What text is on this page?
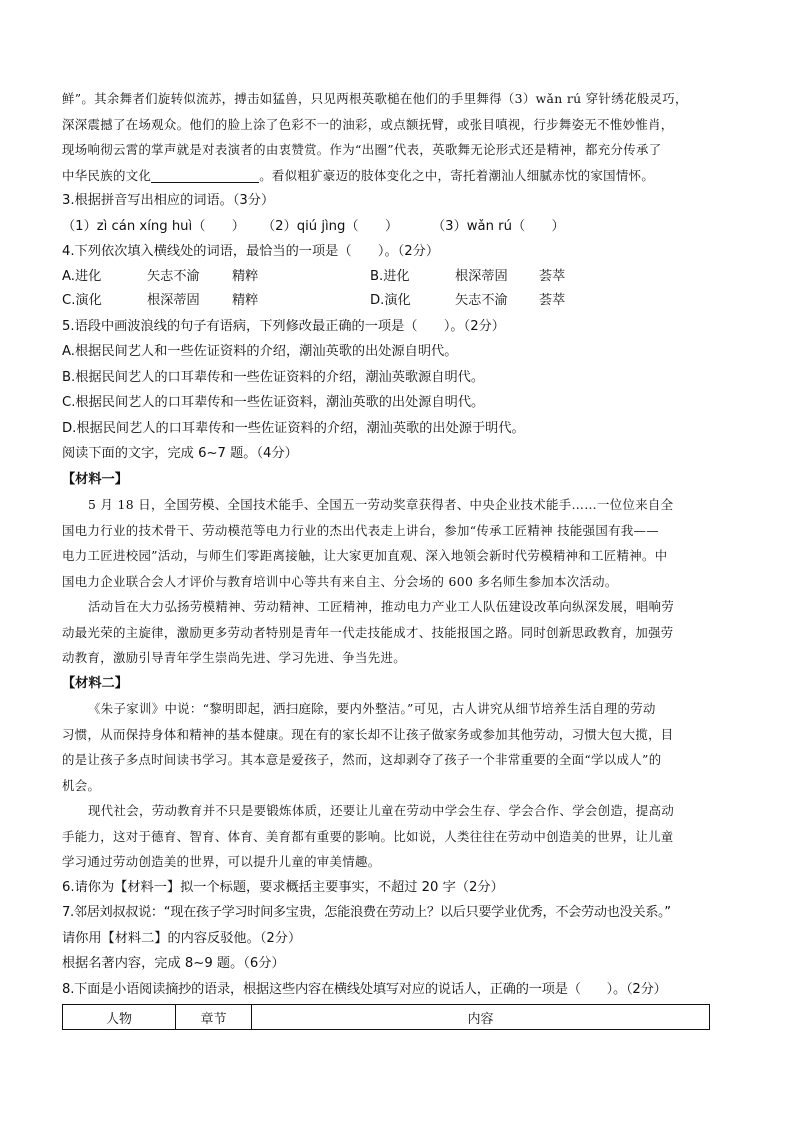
鲜”。其余舞者们旋转似流苏，搏击如猛兽，只见两根英歌槌在他们的手里舞得（3）wǎn rú 穿针绣花般灵巧，

深深震撼了在场观众。他们的脸上涂了色彩不一的油彩，或点额抚臂，或张目嗔视，行步舞姿无不惟妙惟肖，

现场响彻云霄的掌声就是对表演者的由衷赞赏。作为“出圈”代表，英歌舞无论形式还是精神，都充分传承了

中华民族的文化	。看似粗犷豪迈的肢体变化之中，寄托着潮汕人细腻赤忱的家国情怀。

3.根据拼音写出相应的词语。（3分）

（1）zì cán xíng huì（　　） （2）qiú jìng（　　）	（3）wǎn rú（　　）

4.下列依次填入横线处的词语，最恰当的一项是（　　）。（2分）

A.进化	矢志不渝 精粹	B.进化	根深蒂固 荟萃
C.演化	根深蒂固 精粹	D.演化	矢志不渝 荟萃

5.语段中画波浪线的句子有语病，下列修改最正确的一项是（　　）。（2分）

A.根据民间艺人和一些佐证资料的介绍，潮汕英歌的出处源自明代。

B.根据民间艺人的口耳辈传和一些佐证资料的介绍，潮汕英歌源自明代。

C.根据民间艺人的口耳辈传和一些佐证资料，潮汕英歌的出处源自明代。

D.根据民间艺人的口耳辈传和一些佐证资料的介绍，潮汕英歌的出处源于明代。

阅读下面的文字，完成 6~7 题。（4分）

【材料一】

5 月 18 日，全国劳模、全国技术能手、全国五一劳动奖章获得者、中央企业技术能手……一位位来自全

国电力行业的技术骨干、劳动模范等电力行业的杰出代表走上讲台，参加“传承工匠精神 技能强国有我——

电力工匠进校园”活动，与师生们零距离接触，让大家更加直观、深入地领会新时代劳模精神和工匠精神。中

国电力企业联合会人才评价与教育培训中心等共有来自主、分会场的 600 多名师生参加本次活动。

活动旨在大力弘扬劳模精神、劳动精神、工匠精神，推动电力产业工人队伍建设改革向纵深发展，唱响劳

动最光荣的主旋律，激励更多劳动者特别是青年一代走技能成才、技能报国之路。同时创新思政教育，加强劳

动教育，激励引导青年学生崇尚先进、学习先进、争当先进。

【材料二】

《朱子家训》中说：“黎明即起，洒扫庭除，要内外整洁。”可见，古人讲究从细节培养生活自理的劳动

习惯，从而保持身体和精神的基本健康。现在有的家长却不让孩子做家务或参加其他劳动，习惯大包大揽，目

的是让孩子多点时间读书学习。其本意是爱孩子，然而，这却剥夺了孩子一个非常重要的全面“学以成人”的

机会。

现代社会，劳动教育并不只是要锻炼体质，还要让儿童在劳动中学会生存、学会合作、学会创造，提高动

手能力，这对于德育、智育、体育、美育都有重要的影响。比如说，人类往往在劳动中创造美的世界，让儿童

学习通过劳动创造美的世界，可以提升儿童的审美情趣。

6.请你为【材料一】拟一个标题，要求概括主要事实，不超过 20 字（2分）

7.邻居刘叔叔说：“现在孩子学习时间多宝贵，怎能浪费在劳动上？以后只要学业优秀，不会劳动也没关系。”

请你用【材料二】的内容反驳他。（2分）

根据名著内容，完成 8~9 题。（6分）

8.下面是小语阅读摘抄的语录，根据这些内容在横线处填写对应的说话人，正确的一项是（　　）。（2分）

人物	章节	内容
